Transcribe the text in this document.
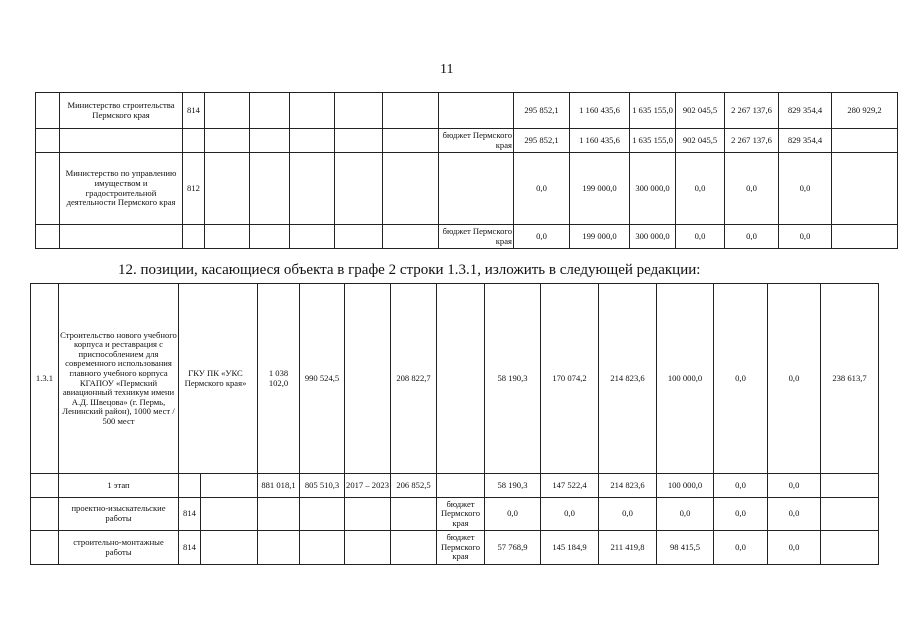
11
	Министерство строительства Пермского края	814							295 852,1	1 160 435,6	1 635 155,0	902 045,5	2 267 137,6	829 354,4	280 929,2
								бюджет Пермского края	295 852,1	1 160 435,6	1 635 155,0	902 045,5	2 267 137,6	829 354,4	
	Министерство по управлению имуществом и градостроительной деятельности Пермского края	812							0,0	199 000,0	300 000,0	0,0	0,0	0,0	
								бюджет Пермского края	0,0	199 000,0	300 000,0	0,0	0,0	0,0	
12. позиции, касающиеся объекта в графе 2 строки 1.3.1, изложить в следующей редакции:
1.3.1	Строительство нового учебного корпуса и реставрация с приспособлением для современного использования главного учебного корпуса КГАПОУ «Пермский авиационный техникум имени А.Д. Швецова» (г. Пермь, Ленинский район), 1000 мест / 500 мест	ГКУ ПК «УКС Пермского края»		1 038 102,0	990 524,5		208 822,7		58 190,3	170 074,2	214 823,6	100 000,0	0,0	0,0	238 613,7
	1 этап			881 018,1	805 510,3	2017 – 2023	206 852,5		58 190,3	147 522,4	214 823,6	100 000,0	0,0	0,0	
	проектно-изыскательские работы	814						бюджет Пермского края	0,0	0,0	0,0	0,0	0,0	0,0	
	строительно-монтажные работы	814						бюджет Пермского края	57 768,9	145 184,9	211 419,8	98 415,5	0,0	0,0	
